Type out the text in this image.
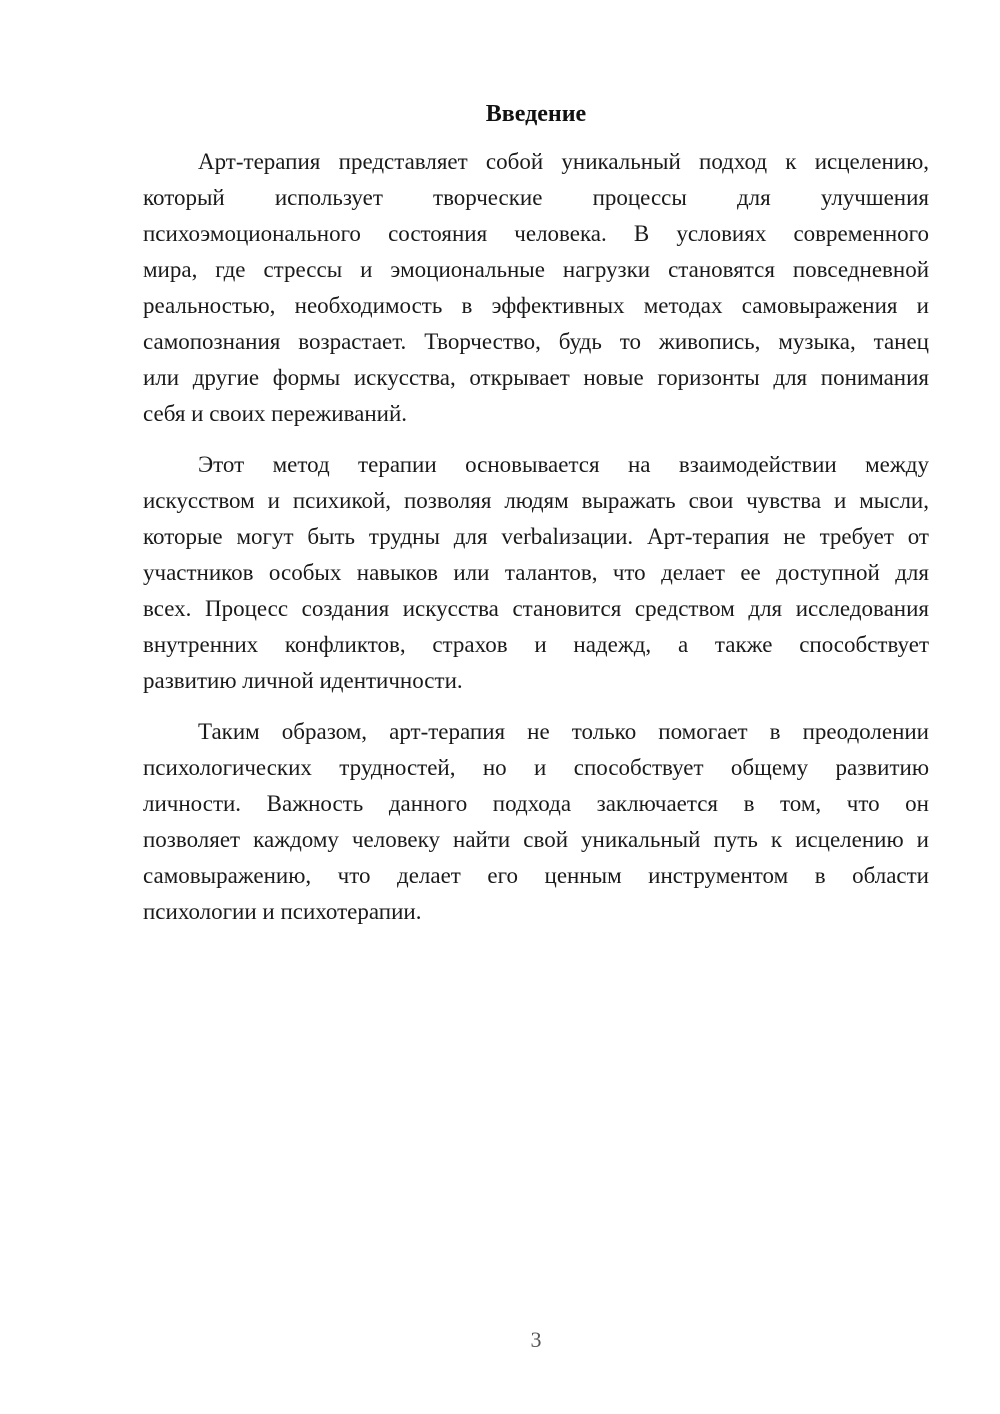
Введение
Арт-терапия представляет собой уникальный подход к исцелению,
который использует творческие процессы для улучшения
психоэмоционального состояния человека. В условиях современного
мира, где стрессы и эмоциональные нагрузки становятся повседневной
реальностью, необходимость в эффективных методах самовыражения и
самопознания возрастает. Творчество, будь то живопись, музыка, танец
или другие формы искусства, открывает новые горизонты для понимания
себя и своих переживаний.
Этот метод терапии основывается на взаимодействии между
искусством и психикой, позволяя людям выражать свои чувства и мысли,
которые могут быть трудны для verbalизации. Арт-терапия не требует от
участников особых навыков или талантов, что делает ее доступной для
всех. Процесс создания искусства становится средством для исследования
внутренних конфликтов, страхов и надежд, а также способствует
развитию личной идентичности.
Таким образом, арт-терапия не только помогает в преодолении
психологических трудностей, но и способствует общему развитию
личности. Важность данного подхода заключается в том, что он
позволяет каждому человеку найти свой уникальный путь к исцелению и
самовыражению, что делает его ценным инструментом в области
психологии и психотерапии.
3
